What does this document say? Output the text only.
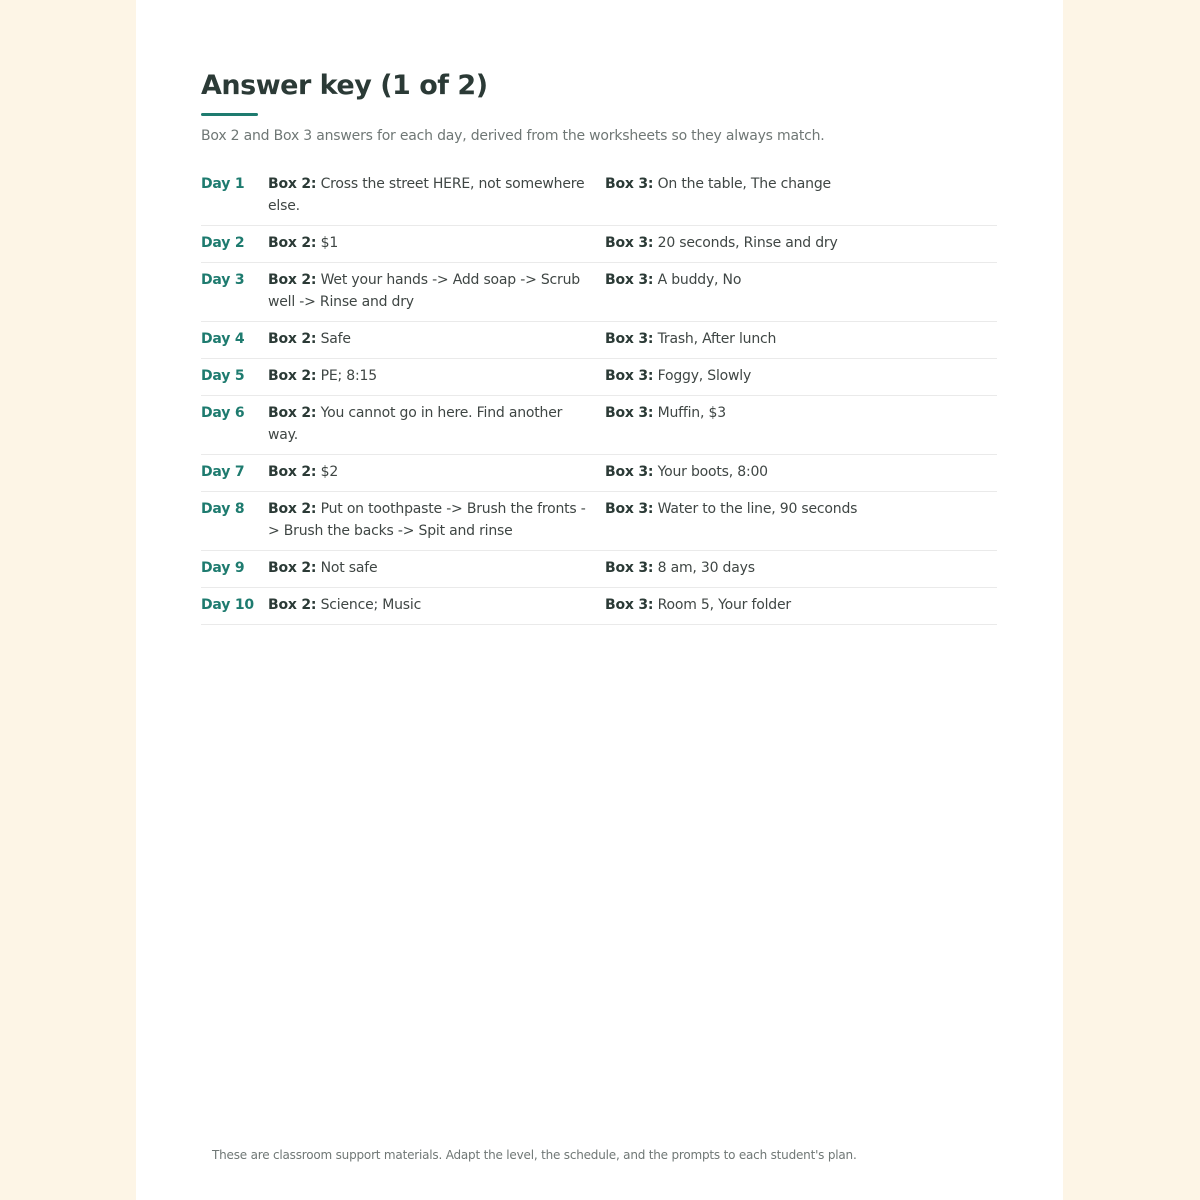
Answer key (1 of 2)
Box 2 and Box 3 answers for each day, derived from the worksheets so they always match.
Day 1	Box 2: Cross the street HERE, not somewhere else.
Box 3: On the table, The change
Day 2	Box 2: $1	Box 3: 20 seconds, Rinse and dry
Day 3	Box 2: Wet your hands -> Add soap -> Scrub well -> Rinse and dry
Box 3: A buddy, No
Day 4	Box 2: Safe	Box 3: Trash, After lunch
Day 5	Box 2: PE; 8:15	Box 3: Foggy, Slowly
Day 6	Box 2: You cannot go in here. Find another way.
Box 3: Muffin, $3
Day 7	Box 2: $2	Box 3: Your boots, 8:00
Day 8	Box 2: Put on toothpaste -> Brush the fronts -> Brush the backs -> Spit and rinse
Box 3: Water to the line, 90 seconds
Day 9	Box 2: Not safe	Box 3: 8 am, 30 days
Day 10	Box 2: Science; Music	Box 3: Room 5, Your folder
These are classroom support materials. Adapt the level, the schedule, and the prompts to each student's plan.
